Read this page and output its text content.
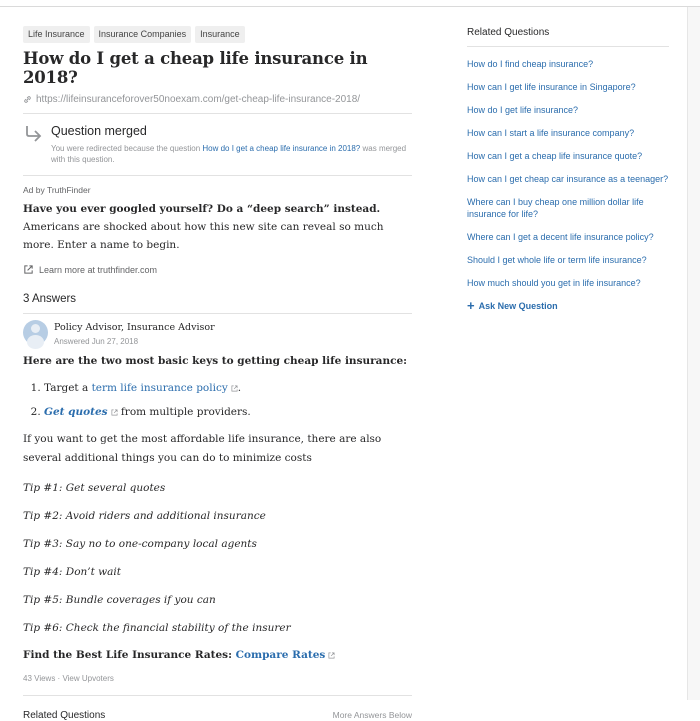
Life Insurance	Insurance Companies	Insurance
How do I get a cheap life insurance in 2018?
https://lifeinsuranceforover50noexam.com/get-cheap-life-insurance-2018/
Question merged
You were redirected because the question How do I get a cheap life insurance in 2018? was merged with this question.
Ad by TruthFinder
Have you ever googled yourself? Do a “deep search” instead.
Americans are shocked about how this new site can reveal so much more. Enter a name to begin.
Learn more at truthfinder.com
3 Answers
Policy Advisor, Insurance Advisor
Answered Jun 27, 2018
Here are the two most basic keys to getting cheap life insurance:
1. Target a term life insurance policy .
2. Get quotes from multiple providers.
If you want to get the most affordable life insurance, there are also several additional things you can do to minimize costs
Tip #1: Get several quotes
Tip #2: Avoid riders and additional insurance
Tip #3: Say no to one-company local agents
Tip #4: Don’t wait
Tip #5: Bundle coverages if you can
Tip #6: Check the financial stability of the insurer
Find the Best Life Insurance Rates: Compare Rates
43 Views · View Upvoters
Related Questions	More Answers Below
Related Questions
How do I find cheap insurance?
How can I get life insurance in Singapore?
How do I get life insurance?
How can I start a life insurance company?
How can I get a cheap life insurance quote?
How can I get cheap car insurance as a teenager?
Where can I buy cheap one million dollar life insurance for life?
Where can I get a decent life insurance policy?
Should I get whole life or term life insurance?
How much should you get in life insurance?
+ Ask New Question
